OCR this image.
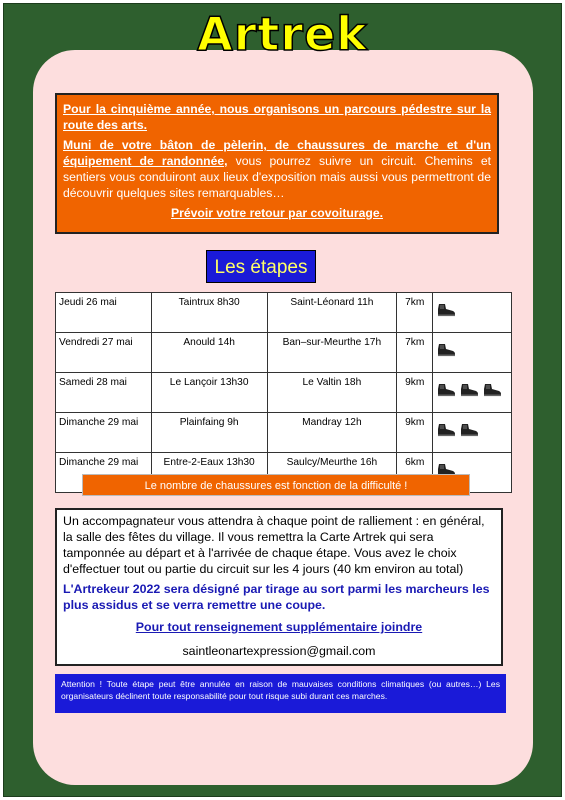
Artrek

Pour la cinquième année, nous organisons un parcours pédestre sur la route des arts.

Muni de votre bâton de pèlerin, de chaussures de marche et d'un équipement de randonnée, vous pourrez suivre un circuit. Chemins et sentiers vous conduiront aux lieux d'exposition mais aussi vous permettront de découvrir quelques sites remarquables…

Prévoir votre retour par covoiturage.

Les étapes
Jeudi 26 mai	Taintrux 8h30	Saint-Léonard 11h	7km	
Vendredi 27 mai	Anould 14h	Ban–sur-Meurthe 17h	7km	
Samedi 28 mai	Le Lançoir 13h30	Le Valtin 18h	9km	
Dimanche 29 mai	Plainfaing 9h	Mandray 12h	9km	
Dimanche 29 mai	Entre-2-Eaux 13h30	Saulcy/Meurthe 16h	6km	
Le nombre de chaussures est fonction de la difficulté !

Un accompagnateur vous attendra à chaque point de ralliement : en général, la salle des fêtes du village. Il vous remettra la Carte Artrek qui sera tamponnée au départ et à l'arrivée de chaque étape. Vous avez le choix d'effectuer tout ou partie du circuit sur les 4 jours (40 km environ au total)

L'Artrekeur 2022 sera désigné par tirage au sort parmi les marcheurs les plus assidus et se verra remettre une coupe.

Pour tout renseignement supplémentaire joindre

saintleonartexpression@gmail.com

Attention ! Toute étape peut être annulée en raison de mauvaises conditions climatiques (ou autres…) Les organisateurs déclinent toute responsabilité pour tout risque subi durant ces marches.
